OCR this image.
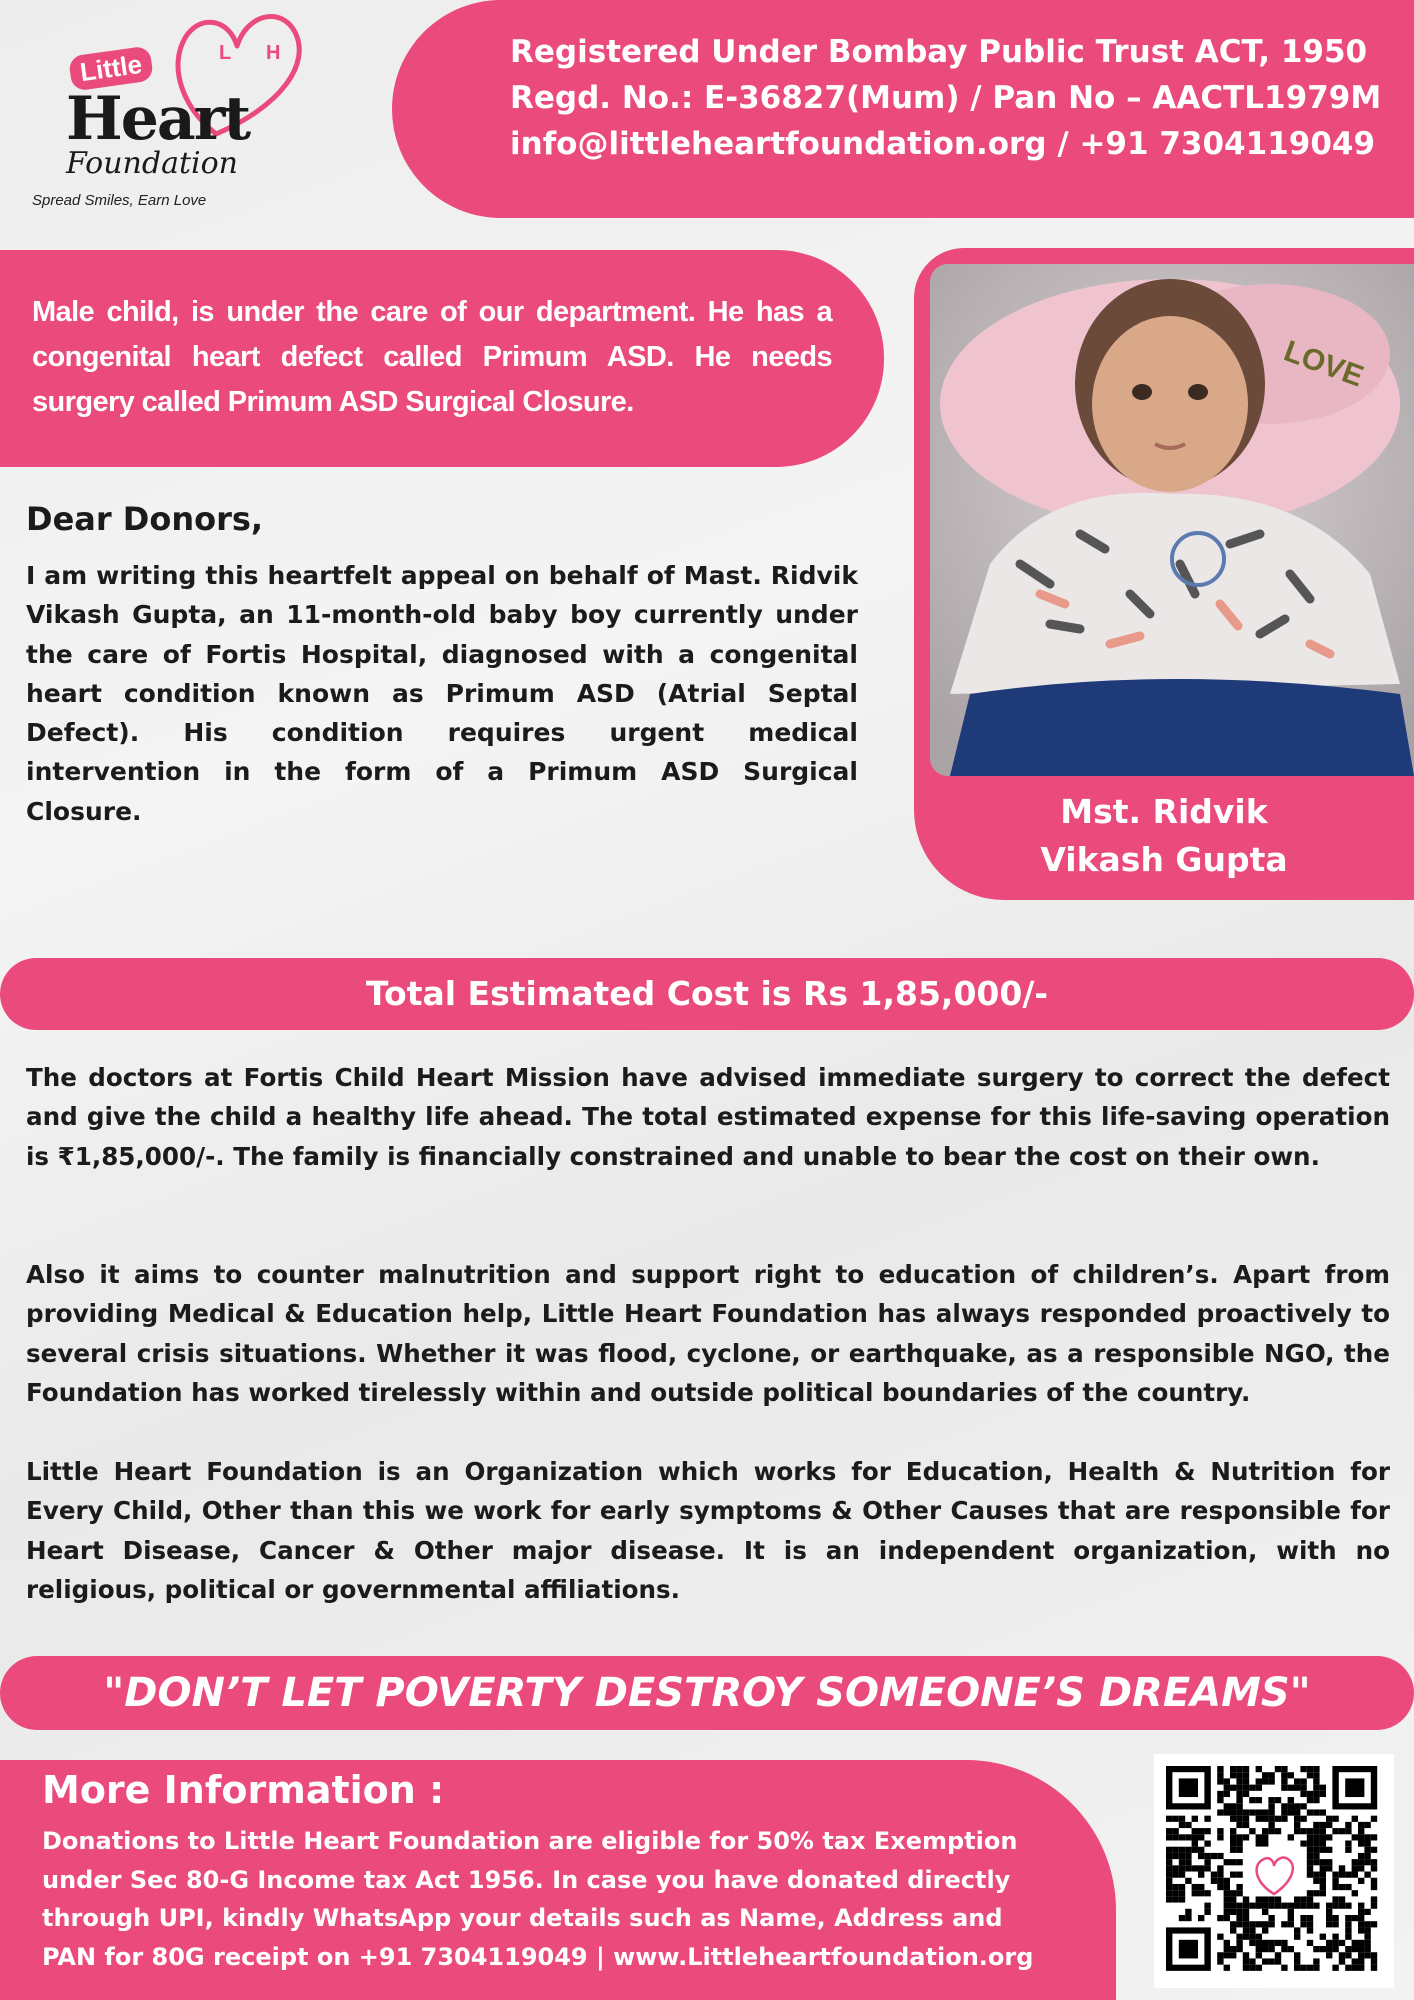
L H
Little
Heart
Foundation
Spread Smiles, Earn Love
Registered Under Bombay Public Trust ACT, 1950
Regd. No.: E-36827(Mum) / Pan No – AACTL1979M
info@littleheartfoundation.org / +91 7304119049
Male child, is under the care of our department. He has a congenital heart defect called Primum ASD. He needs surgery called Primum ASD Surgical Closure.
LOVE
Mst. Ridvik
Vikash Gupta
Dear Donors,
I am writing this heartfelt appeal on behalf of Mast. Ridvik Vikash Gupta, an 11-month-old baby boy currently under the care of Fortis Hospital, diagnosed with a congenital heart condition known as Primum ASD (Atrial Septal Defect). His condition requires urgent medical intervention in the form of a Primum ASD Surgical Closure.
Total Estimated Cost is Rs 1,85,000/-
The doctors at Fortis Child Heart Mission have advised immediate surgery to correct the defect and give the child a healthy life ahead. The total estimated expense for this life-saving operation is ₹1,85,000/-. The family is financially constrained and unable to bear the cost on their own.
Also it aims to counter malnutrition and support right to education of children’s. Apart from providing Medical & Education help, Little Heart Foundation has always responded proactively to several crisis situations. Whether it was flood, cyclone, or earthquake, as a responsible NGO, the Foundation has worked tirelessly within and outside political boundaries of the country.
Little Heart Foundation is an Organization which works for Education, Health & Nutrition for Every Child, Other than this we work for early symptoms & Other Causes that are responsible for Heart Disease, Cancer & Other major disease. It is an independent organization, with no religious, political or governmental affiliations.
"DON’T LET POVERTY DESTROY SOMEONE’S DREAMS"
More Information :
Donations to Little Heart Foundation are eligible for 50% tax Exemption under Sec 80-G Income tax Act 1956. In case you have donated directly through UPI, kindly WhatsApp your details such as Name, Address and PAN for 80G receipt on +91 7304119049 | www.Littleheartfoundation.org
